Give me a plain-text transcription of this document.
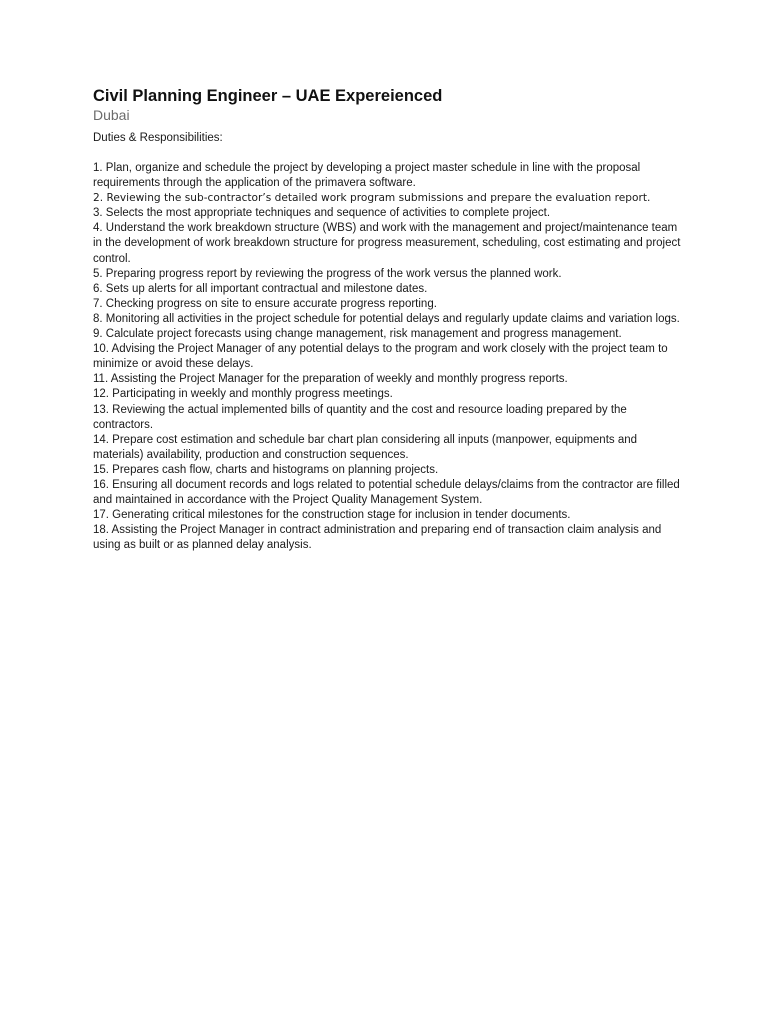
Civil Planning Engineer – UAE Expereienced
Dubai
Duties & Responsibilities:
1. Plan, organize and schedule the project by developing a project master schedule in line with the proposal requirements through the application of the primavera software.
2. Reviewing the sub-contractor’s detailed work program submissions and prepare the evaluation report.
3. Selects the most appropriate techniques and sequence of activities to complete project.
4. Understand the work breakdown structure (WBS) and work with the management and project/maintenance team in the development of work breakdown structure for progress measurement, scheduling, cost estimating and project control.
5. Preparing progress report by reviewing the progress of the work versus the planned work.
6. Sets up alerts for all important contractual and milestone dates.
7. Checking progress on site to ensure accurate progress reporting.
8. Monitoring all activities in the project schedule for potential delays and regularly update claims and variation logs.
9. Calculate project forecasts using change management, risk management and progress management.
10. Advising the Project Manager of any potential delays to the program and work closely with the project team to minimize or avoid these delays.
11. Assisting the Project Manager for the preparation of weekly and monthly progress reports.
12. Participating in weekly and monthly progress meetings.
13. Reviewing the actual implemented bills of quantity and the cost and resource loading prepared by the contractors.
14. Prepare cost estimation and schedule bar chart plan considering all inputs (manpower, equipments and materials) availability, production and construction sequences.
15. Prepares cash flow, charts and histograms on planning projects.
16. Ensuring all document records and logs related to potential schedule delays/claims from the contractor are filled and maintained in accordance with the Project Quality Management System.
17. Generating critical milestones for the construction stage for inclusion in tender documents.
18. Assisting the Project Manager in contract administration and preparing end of transaction claim analysis and using as built or as planned delay analysis.
